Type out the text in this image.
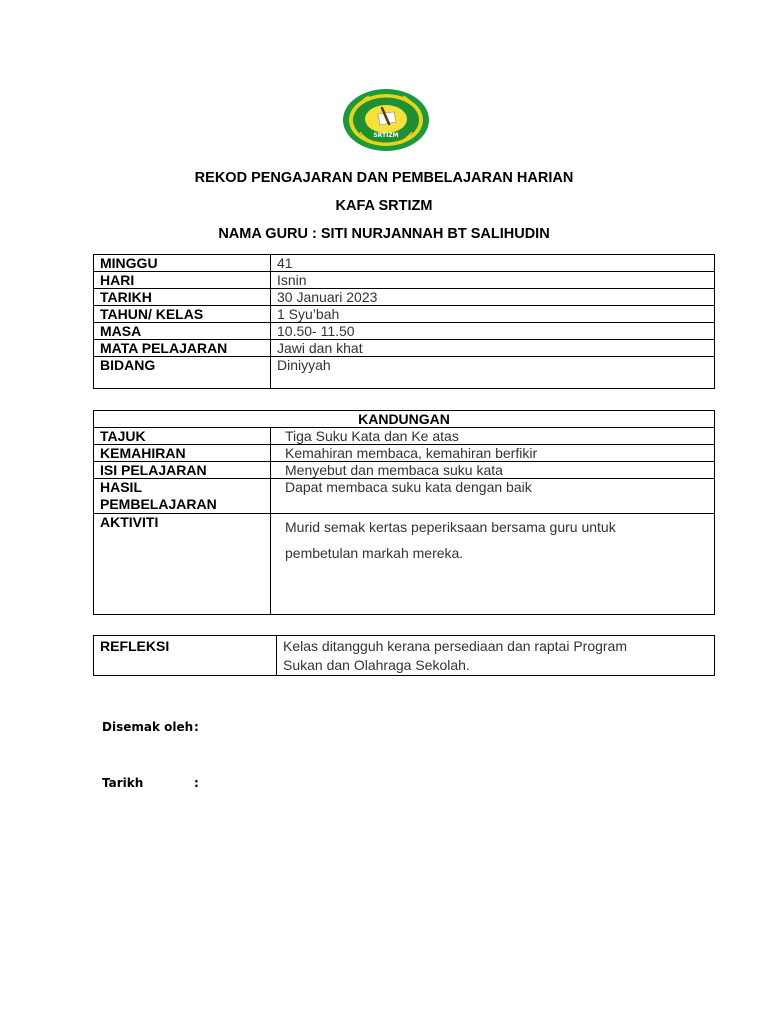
SRTIZM
REKOD PENGAJARAN DAN PEMBELAJARAN HARIAN
KAFA SRTIZM
NAMA GURU : SITI NURJANNAH BT SALIHUDIN
MINGGU	41
HARI	Isnin
TARIKH	30 Januari 2023
TAHUN/ KELAS	1 Syu’bah
MASA	10.50- 11.50
MATA PELAJARAN	Jawi dan khat
BIDANG	Diniyyah
KANDUNGAN	
TAJUK	Tiga Suku Kata dan Ke atas
KEMAHIRAN	Kemahiran membaca, kemahiran berfikir
ISI PELAJARAN	Menyebut dan membaca suku kata

HASIL
PEMBELAJARAN	Dapat membaca suku kata dengan baik
AKTIVITI	Murid semak kertas peperiksaan bersama guru untuk
pembetulan markah mereka.
REFLEKSI	Kelas ditangguh kerana persediaan dan raptai Program
Sukan dan Olahraga Sekolah.
Disemak oleh :
Tarikh	:
